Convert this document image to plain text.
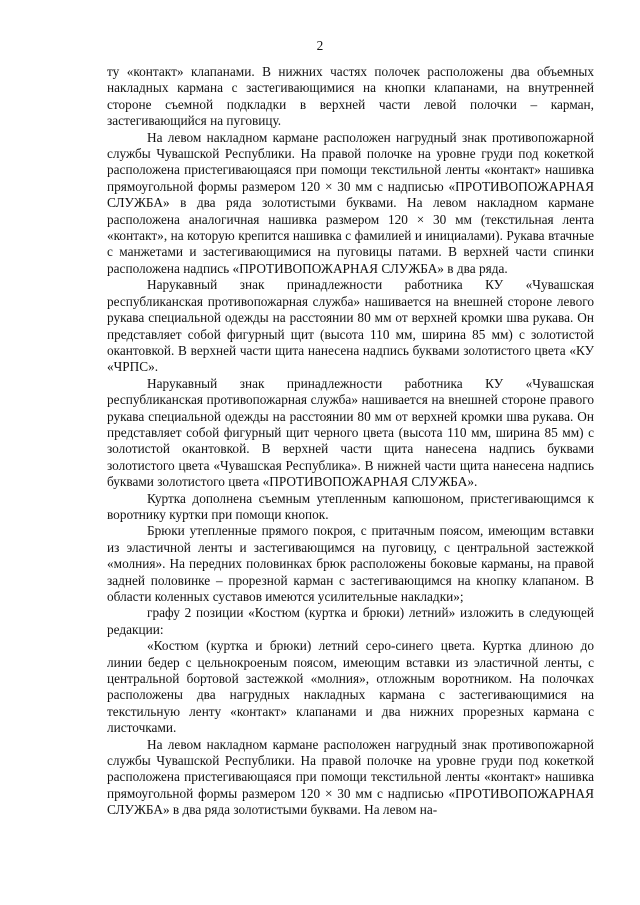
2

ту «контакт» клапанами. В нижних частях полочек расположены два объемных накладных кармана с застегивающимися на кнопки клапанами, на внутренней стороне съемной подкладки в верхней части левой полочки – карман, застегивающийся на пуговицу.

На левом накладном кармане расположен нагрудный знак противопожарной службы Чувашской Республики. На правой полочке на уровне груди под кокеткой расположена пристегивающаяся при помощи текстильной ленты «контакт» нашивка прямоугольной формы размером 120 × 30 мм с надписью «ПРОТИВОПОЖАРНАЯ СЛУЖБА» в два ряда золотистыми буквами. На левом накладном кармане расположена аналогичная нашивка размером 120 × 30 мм (текстильная лента «контакт», на которую крепится нашивка с фамилией и инициалами). Рукава втачные с манжетами и застегивающимися на пуговицы патами. В верхней части спинки расположена надпись «ПРОТИВОПОЖАРНАЯ СЛУЖБА» в два ряда.

Нарукавный знак принадлежности работника КУ «Чувашская республиканская противопожарная служба» нашивается на внешней стороне левого рукава специальной одежды на расстоянии 80 мм от верхней кромки шва рукава. Он представляет собой фигурный щит (высота 110 мм, ширина 85 мм) с золотистой окантовкой. В верхней части щита нанесена надпись буквами золотистого цвета «КУ «ЧРПС».

Нарукавный знак принадлежности работника КУ «Чувашская республиканская противопожарная служба» нашивается на внешней стороне правого рукава специальной одежды на расстоянии 80 мм от верхней кромки шва рукава. Он представляет собой фигурный щит черного цвета (высота 110 мм, ширина 85 мм) с золотистой окантовкой. В верхней части щита нанесена надпись буквами золотистого цвета «Чувашская Республика». В нижней части щита нанесена надпись буквами золотистого цвета «ПРОТИВОПОЖАРНАЯ СЛУЖБА».

Куртка дополнена съемным утепленным капюшоном, пристегивающимся к воротнику куртки при помощи кнопок.

Брюки утепленные прямого покроя, с притачным поясом, имеющим вставки из эластичной ленты и застегивающимся на пуговицу, с центральной застежкой «молния». На передних половинках брюк расположены боковые карманы, на правой задней половинке – прорезной карман с застегивающимся на кнопку клапаном. В области коленных суставов имеются усилительные накладки»;

графу 2 позиции «Костюм (куртка и брюки) летний» изложить в следующей редакции:

«Костюм (куртка и брюки) летний серо-синего цвета. Куртка длиною до линии бедер с цельнокроеным поясом, имеющим вставки из эластичной ленты, с центральной бортовой застежкой «молния», отложным воротником. На полочках расположены два нагрудных накладных кармана с застегивающимися на текстильную ленту «контакт» клапанами и два нижних прорезных кармана с листочками.

На левом накладном кармане расположен нагрудный знак противопожарной службы Чувашской Республики. На правой полочке на уровне груди под кокеткой расположена пристегивающаяся при помощи текстильной ленты «контакт» нашивка прямоугольной формы размером 120 × 30 мм с надписью «ПРОТИВОПОЖАРНАЯ СЛУЖБА» в два ряда золотистыми буквами. На левом на-
